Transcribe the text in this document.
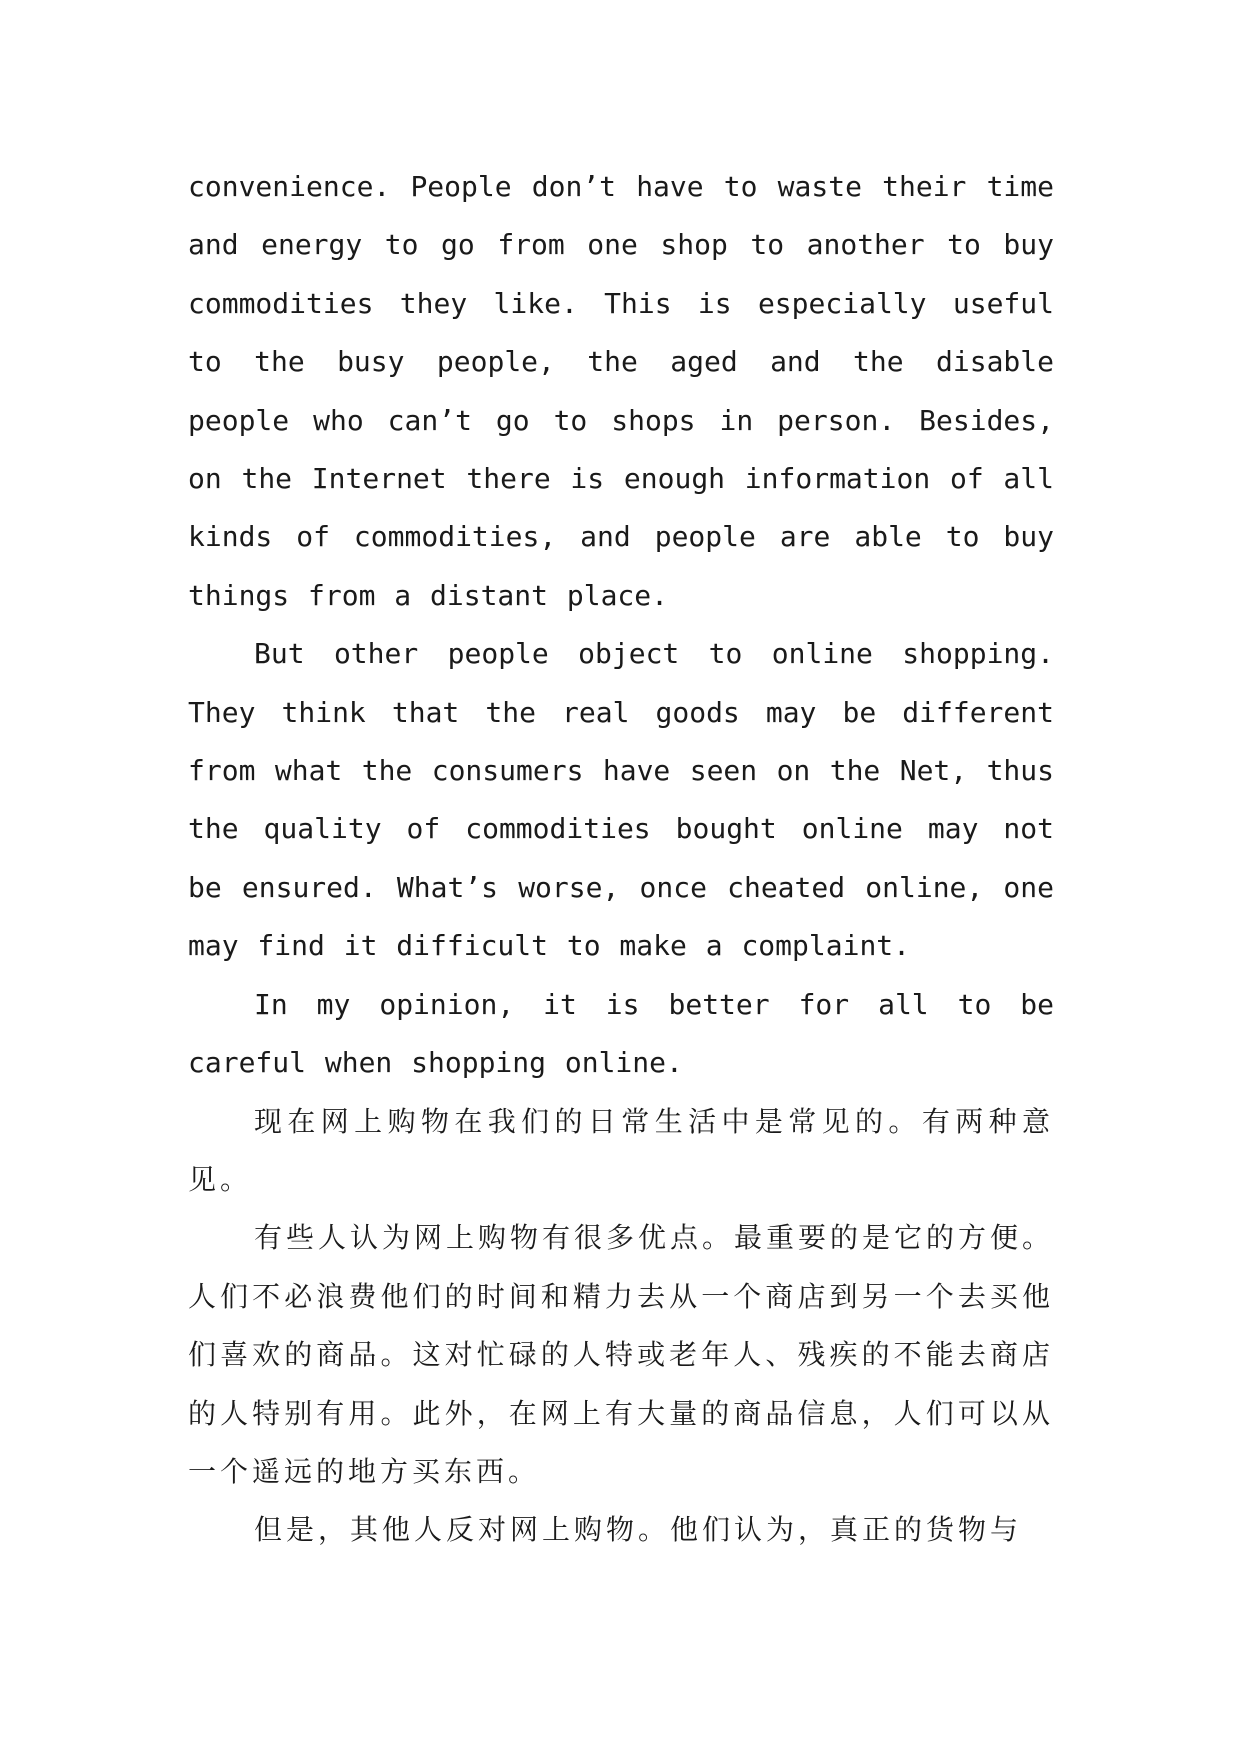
convenience. People don’t have to waste their time and energy to go from one shop to another to buy commodities they like. This is especially useful to the busy people, the aged and the disable people who can’t go to shops in person. Besides, on the Internet there is enough information of all kinds of commodities, and people are able to buy things from a distant place.

But other people object to online shopping. They think that the real goods may be different from what the consumers have seen on the Net, thus the quality of commodities bought online may not be ensured. What’s worse, once cheated online, one may find it difficult to make a complaint.

In my opinion, it is better for all to be careful when shopping online.

现在网上购物在我们的日常生活中是常见的。有两种意见。

有些人认为网上购物有很多优点。最重要的是它的方便。人们不必浪费他们的时间和精力去从一个商店到另一个去买他们喜欢的商品。这对忙碌的人特或老年人、残疾的不能去商店的人特别有用。此外，在网上有大量的商品信息，人们可以从一个遥远的地方买东西。

但是，其他人反对网上购物。他们认为，真正的货物与
